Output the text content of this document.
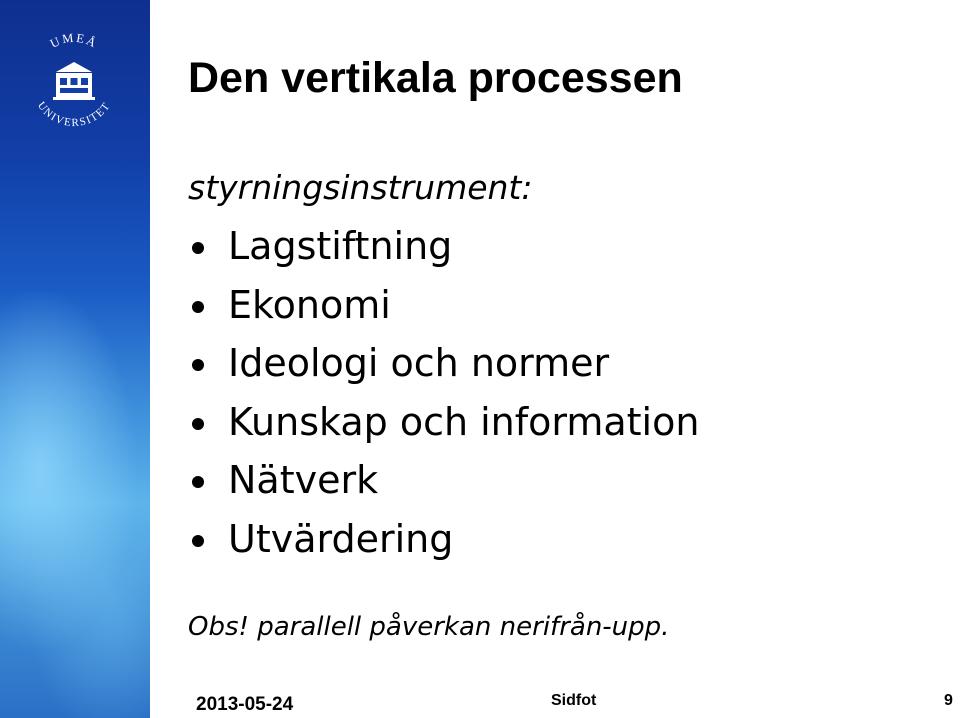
UMEÅ
UNIVERSITET
Den vertikala processen
styrningsinstrument:
Lagstiftning
Ekonomi
Ideologi och normer
Kunskap och information
Nätverk
Utvärdering
Obs! parallell påverkan nerifrån-upp.
2013-05-24	Sidfot	9
